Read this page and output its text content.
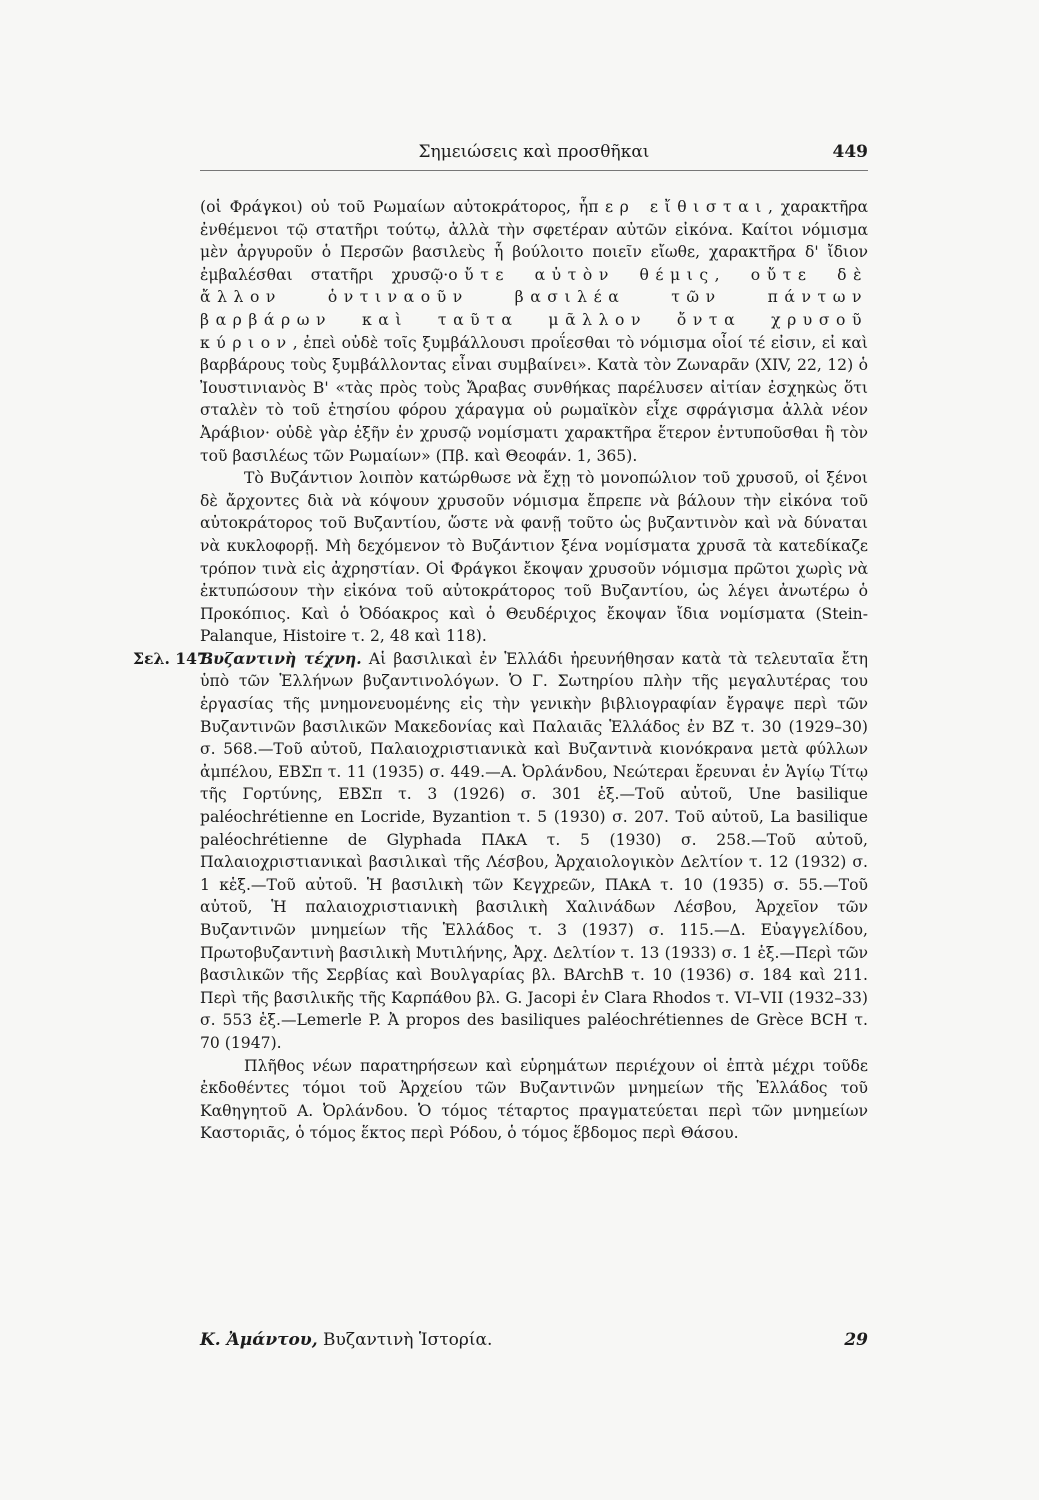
Σημειώσεις καὶ προσθῆκαι	449

(οἱ Φράγκοι) οὐ τοῦ Ρωμαίων αὐτοκράτορος, ἧπερ εἴθισται, χαρακτῆρα ἐνθέμενοι τῷ στατῆρι τούτῳ, ἀλλὰ τὴν σφετέραν αὐτῶν εἰκόνα. Καίτοι νόμισμα μὲν ἀργυροῦν ὁ Περσῶν βασιλεὺς ἧ βούλοιτο ποιεῖν εἴωθε, χαρακτῆρα δ' ἴδιον ἐμβαλέσθαι στατῆρι χρυσῷ·οὔτε αὐτὸν θέμις, οὔτε δὲ ἄλλον ὁντιναοῦν βασιλέα τῶν πάντων βαρβάρων καὶ ταῦτα μᾶλλον ὄντα χρυσοῦ κύριον, ἐπεὶ οὐδὲ τοῖς ξυμβάλλουσι προΐεσθαι τὸ νόμισμα οἷοί τέ εἰσιν, εἰ καὶ βαρβάρους τοὺς ξυμβάλλοντας εἶναι συμβαίνει». Κατὰ τὸν Ζωναρᾶν (XIV, 22, 12) ὁ Ἰουστινιανὸς Β' «τὰς πρὸς τοὺς Ἄραβας συνθήκας παρέλυσεν αἰτίαν ἐσχηκὼς ὅτι σταλὲν τὸ τοῦ ἐτησίου φόρου χάραγμα οὐ ρωμαϊκὸν εἶχε σφράγισμα ἀλλὰ νέον Ἀράβιον· οὐδὲ γὰρ ἐξῆν ἐν χρυσῷ νομίσματι χαρακτῆρα ἕτερον ἐντυποῦσθαι ἢ τὸν τοῦ βασιλέως τῶν Ρωμαίων» (Πβ. καὶ Θεοφάν. 1, 365).

Τὸ Βυζάντιον λοιπὸν κατώρθωσε νὰ ἔχῃ τὸ μονοπώλιον τοῦ χρυσοῦ, οἱ ξένοι δὲ ἄρχοντες διὰ νὰ κόψουν χρυσοῦν νόμισμα ἔπρεπε νὰ βάλουν τὴν εἰκόνα τοῦ αὐτοκράτορος τοῦ Βυζαντίου, ὥστε νὰ φανῇ τοῦτο ὡς βυζαντινὸν καὶ νὰ δύναται νὰ κυκλοφορῇ. Μὴ δεχόμενον τὸ Βυζάντιον ξένα νομίσματα χρυσᾶ τὰ κατεδίκαζε τρόπον τινὰ εἰς ἀχρηστίαν. Οἱ Φράγκοι ἔκοψαν χρυσοῦν νόμισμα πρῶτοι χωρὶς νὰ ἐκτυπώσουν τὴν εἰκόνα τοῦ αὐτοκράτορος τοῦ Βυζαντίου, ὡς λέγει ἀνωτέρω ὁ Προκόπιος. Καὶ ὁ Ὀδόακρος καὶ ὁ Θευδέριχος ἔκοψαν ἴδια νομίσματα (Stein-Palanque, Histoire τ. 2, 48 καὶ 118).

Σελ. 147.
Βυζαντινὴ τέχνη. Αἱ βασιλικαὶ ἐν Ἑλλάδι ἠρευνήθησαν κατὰ τὰ τελευταῖα ἔτη ὑπὸ τῶν Ἑλλήνων βυζαντινολόγων. Ὁ Γ. Σωτηρίου πλὴν τῆς μεγαλυτέρας του ἐργασίας τῆς μνημονευομένης εἰς τὴν γενικὴν βιβλιογραφίαν ἔγραψε περὶ τῶν Βυζαντινῶν βασιλικῶν Μακεδονίας καὶ Παλαιᾶς Ἑλλάδος ἐν ΒΖ τ. 30 (1929–30) σ. 568.—Τοῦ αὐτοῦ, Παλαιοχριστιανικὰ καὶ Βυζαντινὰ κιονόκρανα μετὰ φύλλων ἀμπέλου, ΕΒΣπ τ. 11 (1935) σ. 449.—Α. Ὀρλάνδου, Νεώτεραι ἔρευναι ἐν Ἁγίῳ Τίτῳ τῆς Γορτύνης, ΕΒΣπ τ. 3 (1926) σ. 301 ἑξ.—Τοῦ αὐτοῦ, Une basilique paléochrétienne en Locride, Byzantion τ. 5 (1930) σ. 207. Τοῦ αὐτοῦ, La basilique paléochrétienne de Glyphada ΠΑκΑ τ. 5 (1930) σ. 258.—Τοῦ αὐτοῦ, Παλαιοχριστιανικαὶ βασιλικαὶ τῆς Λέσβου, Ἀρχαιολογικὸν Δελτίον τ. 12 (1932) σ. 1 κἑξ.—Τοῦ αὐτοῦ. Ἡ βασιλικὴ τῶν Κεγχρεῶν, ΠΑκΑ τ. 10 (1935) σ. 55.—Τοῦ αὐτοῦ, Ἡ παλαιοχριστιανικὴ βασιλικὴ Χαλινάδων Λέσβου, Ἀρχεῖον τῶν Βυζαντινῶν μνημείων τῆς Ἑλλάδος τ. 3 (1937) σ. 115.—Δ. Εὐαγγελίδου, Πρωτοβυζαντινὴ βασιλικὴ Μυτιλήνης, Ἀρχ. Δελτίον τ. 13 (1933) σ. 1 ἑξ.—Περὶ τῶν βασιλικῶν τῆς Σερβίας καὶ Βουλγαρίας βλ. BArchB τ. 10 (1936) σ. 184 καὶ 211. Περὶ τῆς βασιλικῆς τῆς Καρπάθου βλ. G. Jacopi ἐν Clara Rhodos τ. VI–VII (1932–33) σ. 553 ἑξ.—Lemerle P. Ἀ propos des basiliques paléochrétiennes de Grèce BCH τ. 70 (1947).

Πλῆθος νέων παρατηρήσεων καὶ εὑρημάτων περιέχουν οἱ ἑπτὰ μέχρι τοῦδε ἐκδοθέντες τόμοι τοῦ Ἀρχείου τῶν Βυζαντινῶν μνημείων τῆς Ἑλλάδος τοῦ Καθηγητοῦ Α. Ὀρλάνδου. Ὁ τόμος τέταρτος πραγματεύεται περὶ τῶν μνημείων Καστοριᾶς, ὁ τόμος ἕκτος περὶ Ρόδου, ὁ τόμος ἕβδομος περὶ Θάσου.

Κ. Ἀμάντου, Βυζαντινὴ Ἱστορία.	29
